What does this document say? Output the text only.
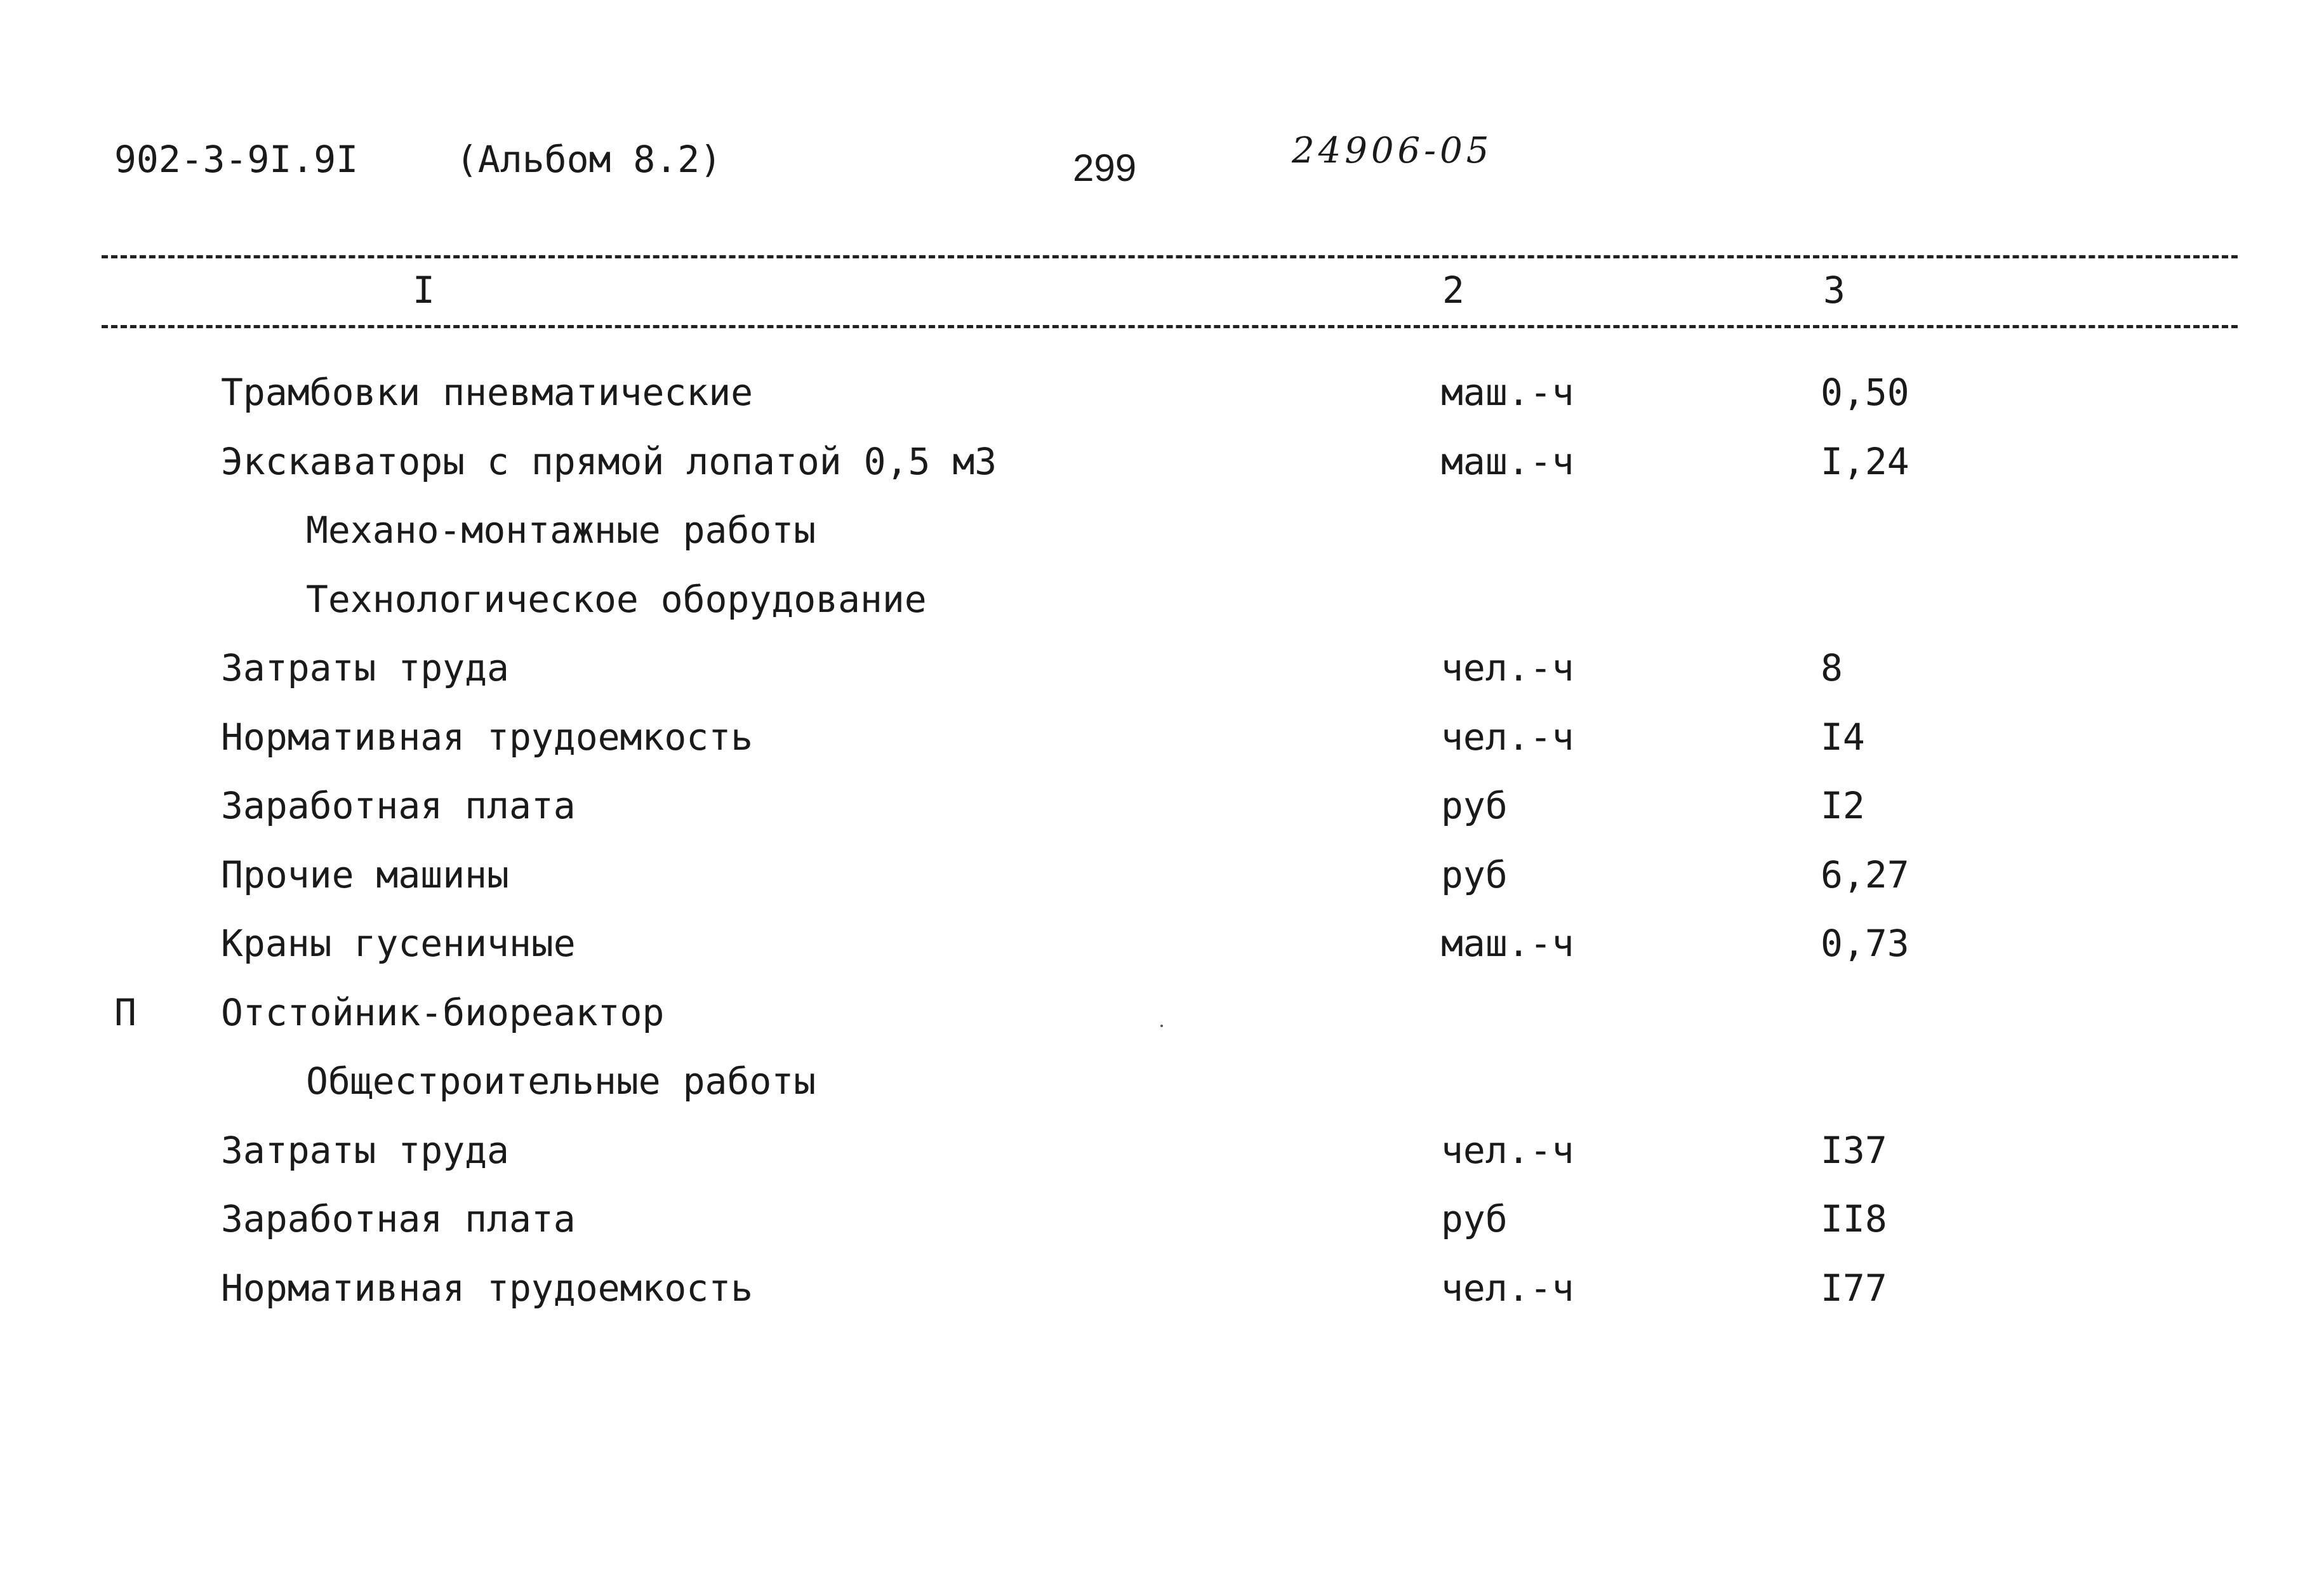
902-3-9I.9I	(Альбом 8.2)	299	24906-05
I	2	3
Трамбовки пневматические	маш.-ч	0,50
Экскаваторы с прямой лопатой 0,5 м3	маш.-ч	I,24
Механо-монтажные работы
Технологическое оборудование
Затраты труда	чел.-ч	8
Нормативная трудоемкость	чел.-ч	I4
Заработная плата	руб	I2
Прочие машины	руб	6,27
Краны гусеничные	маш.-ч	0,73
П Отстойник-биореактор
Общестроительные работы
Затраты труда	чел.-ч	I37
Заработная плата	руб	II8
Нормативная трудоемкость	чел.-ч	I77
